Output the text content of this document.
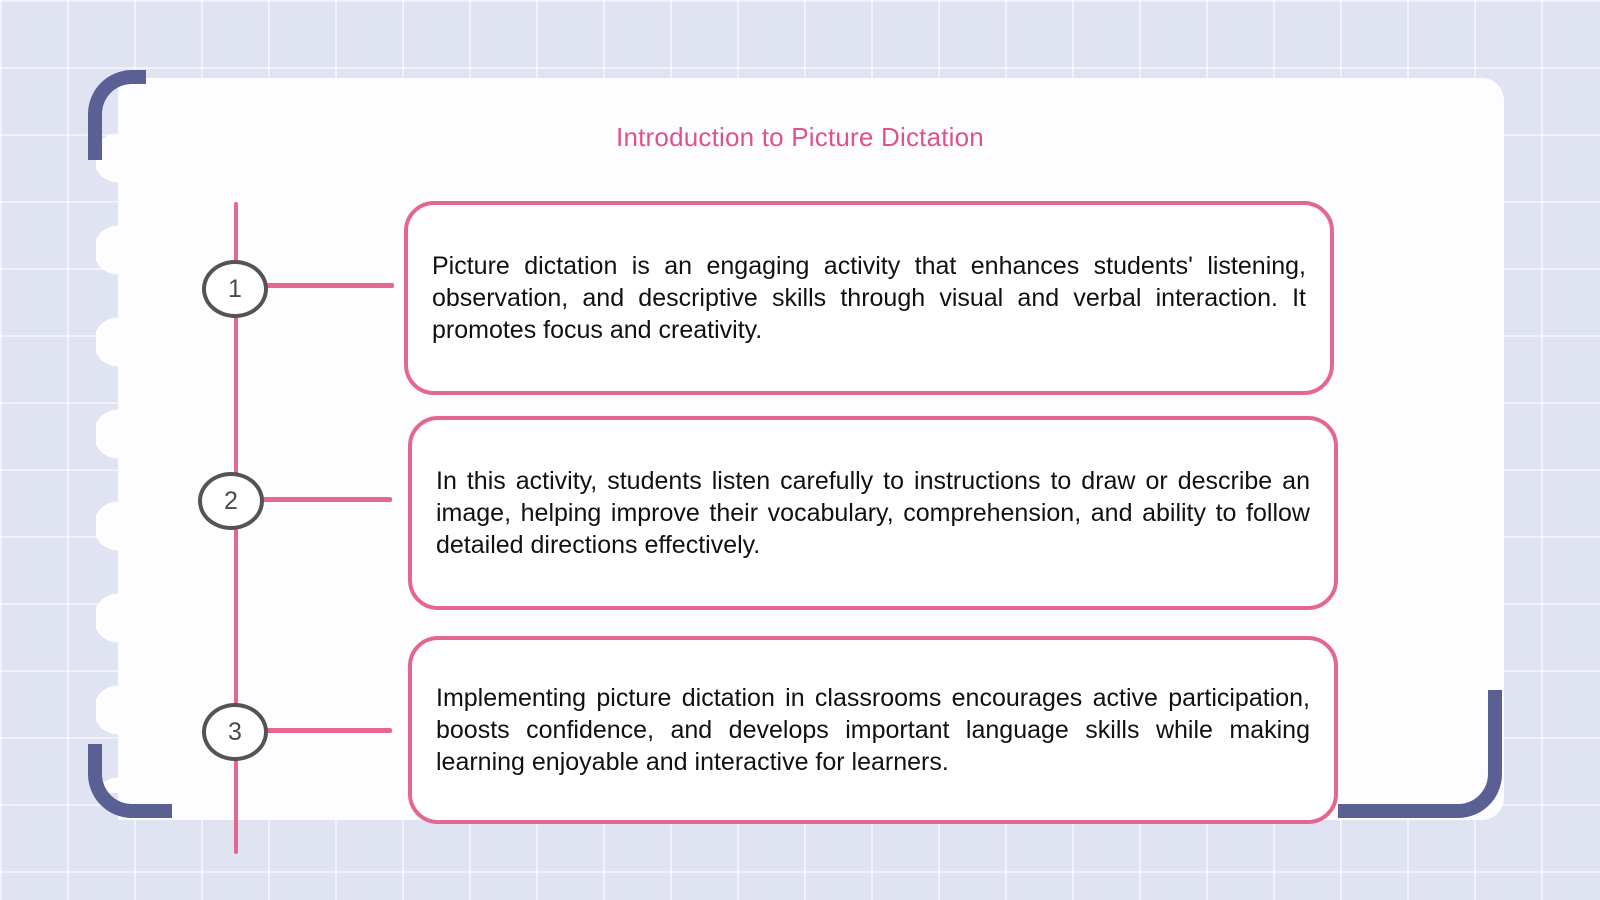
Introduction to Picture Dictation
1
2
3

Picture dictation is an engaging activity that enhances students' listening, observation, and descriptive skills through visual and verbal interaction. It promotes focus and creativity.

In this activity, students listen carefully to instructions to draw or describe an image, helping improve their vocabulary, comprehension, and ability to follow detailed directions effectively.

Implementing picture dictation in classrooms encourages active participation, boosts confidence, and develops important language skills while making learning enjoyable and interactive for learners.
